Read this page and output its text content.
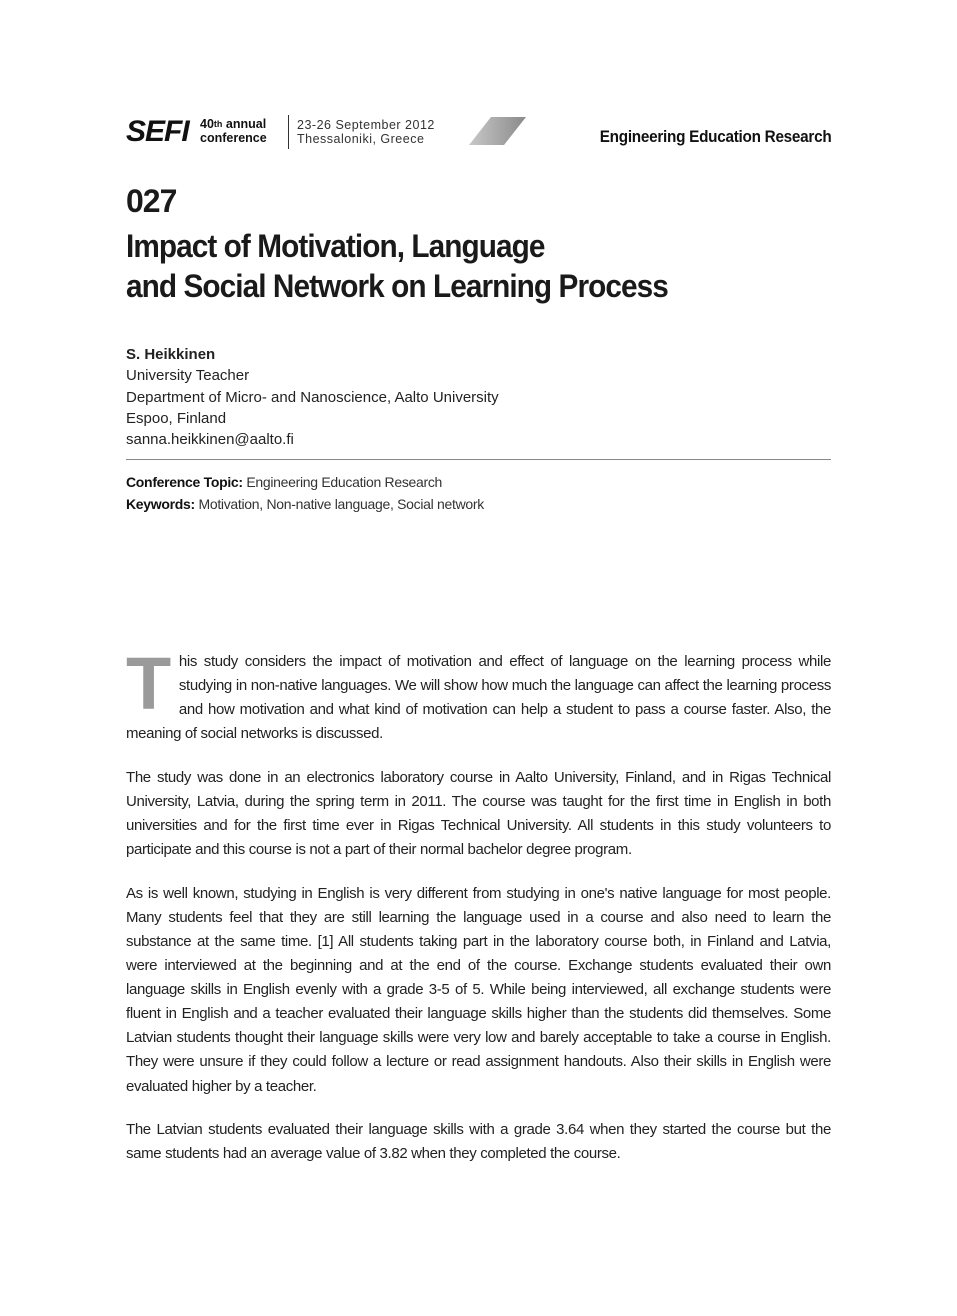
SEFI 40th annual
conference
23-26 September 2012
Thessaloniki, Greece	Engineering Education Research
027
Impact of Motivation, Language
and Social Network on Learning Process
S. Heikkinen
University Teacher
Department of Micro- and Nanoscience, Aalto University
Espoo, Finland
sanna.heikkinen@aalto.fi
Conference Topic: Engineering Education Research
Keywords: Motivation, Non-native language, Social network

This study considers the impact of motivation and effect of language on the learning process while studying in non-native languages. We will show how much the language can affect the learning process and how motivation and what kind of motivation can help a student to pass a course faster. Also, the meaning of social networks is discussed.

The study was done in an electronics laboratory course in Aalto University, Finland, and in Rigas Technical University, Latvia, during the spring term in 2011. The course was taught for the first time in English in both universities and for the first time ever in Rigas Technical University. All students in this study volunteers to participate and this course is not a part of their normal bachelor degree program.

As is well known, studying in English is very different from studying in one's native language for most people. Many students feel that they are still learning the language used in a course and also need to learn the substance at the same time. [1] All students taking part in the laboratory course both, in Finland and Latvia, were interviewed at the beginning and at the end of the course. Exchange students evaluated their own language skills in English evenly with a grade 3-5 of 5. While being interviewed, all exchange students were fluent in English and a teacher evaluated their language skills higher than the students did themselves. Some Latvian students thought their language skills were very low and barely acceptable to take a course in English. They were unsure if they could follow a lecture or read assignment handouts. Also their skills in English were evaluated higher by a teacher.

The Latvian students evaluated their language skills with a grade 3.64 when they started the course but the same students had an average value of 3.82 when they completed the course.
